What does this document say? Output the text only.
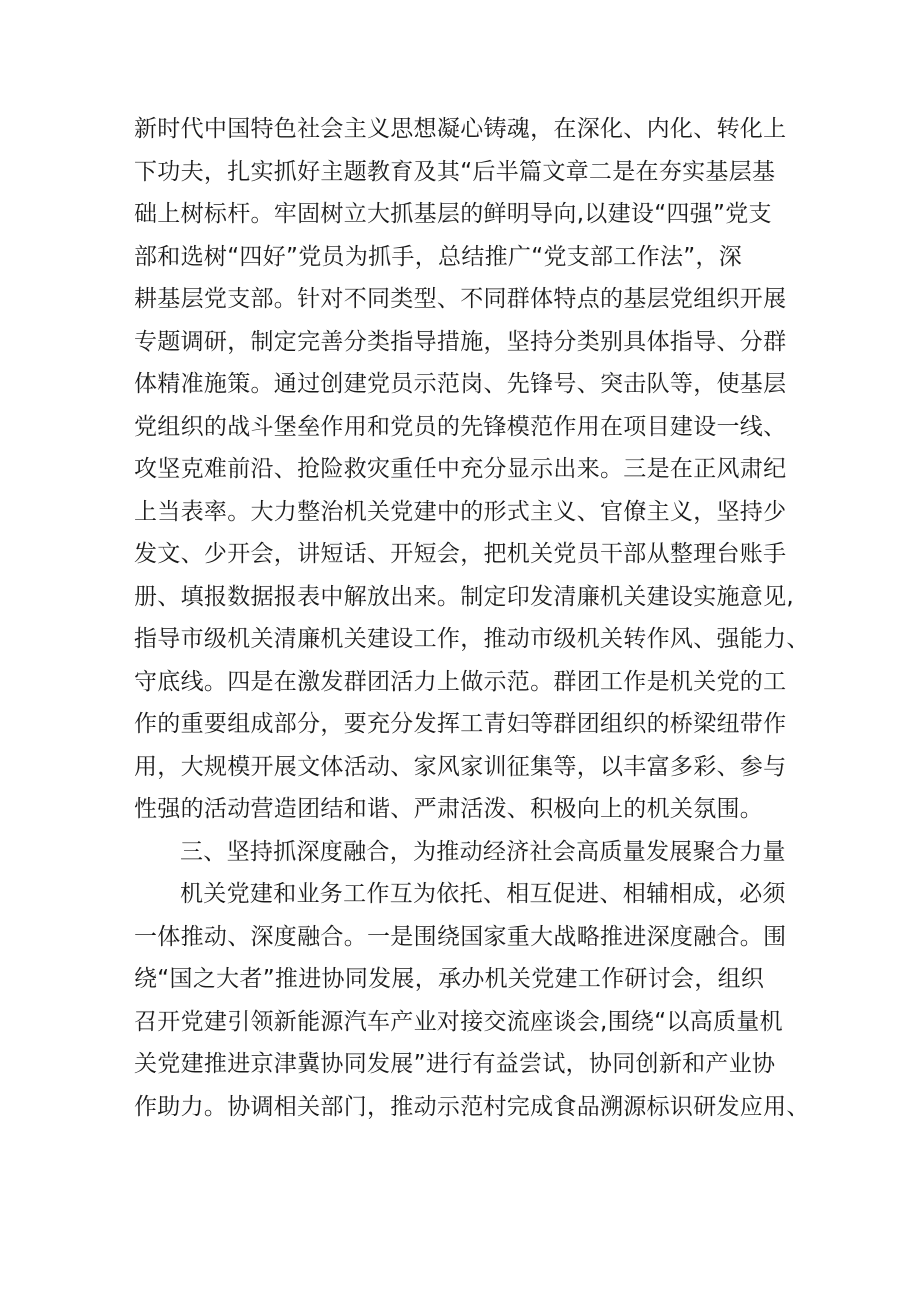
新时代中国特色社会主义思想凝心铸魂，在深化、内化、转化上
下功夫，扎实抓好主题教育及其“后半篇文章二是在夯实基层基
础上树标杆。牢固树立大抓基层的鲜明导向,以建设“四强”党支
部和选树“四好”党员为抓手，总结推广“党支部工作法”，深
耕基层党支部。针对不同类型、不同群体特点的基层党组织开展
专题调研，制定完善分类指导措施，坚持分类别具体指导、分群
体精准施策。通过创建党员示范岗、先锋号、突击队等，使基层
党组织的战斗堡垒作用和党员的先锋模范作用在项目建设一线、
攻坚克难前沿、抢险救灾重任中充分显示出来。三是在正风肃纪
上当表率。大力整治机关党建中的形式主义、官僚主义，坚持少
发文、少开会，讲短话、开短会，把机关党员干部从整理台账手
册、填报数据报表中解放出来。制定印发清廉机关建设实施意见,
指导市级机关清廉机关建设工作，推动市级机关转作风、强能力、
守底线。四是在激发群团活力上做示范。群团工作是机关党的工
作的重要组成部分，要充分发挥工青妇等群团组织的桥梁纽带作
用，大规模开展文体活动、家风家训征集等，以丰富多彩、参与
性强的活动营造团结和谐、严肃活泼、积极向上的机关氛围。
三、坚持抓深度融合，为推动经济社会高质量发展聚合力量
机关党建和业务工作互为依托、相互促进、相辅相成，必须
一体推动、深度融合。一是围绕国家重大战略推进深度融合。围
绕“国之大者”推进协同发展，承办机关党建工作研讨会，组织
召开党建引领新能源汽车产业对接交流座谈会,围绕“以高质量机
关党建推进京津冀协同发展”进行有益尝试，协同创新和产业协
作助力。协调相关部门，推动示范村完成食品溯源标识研发应用、
